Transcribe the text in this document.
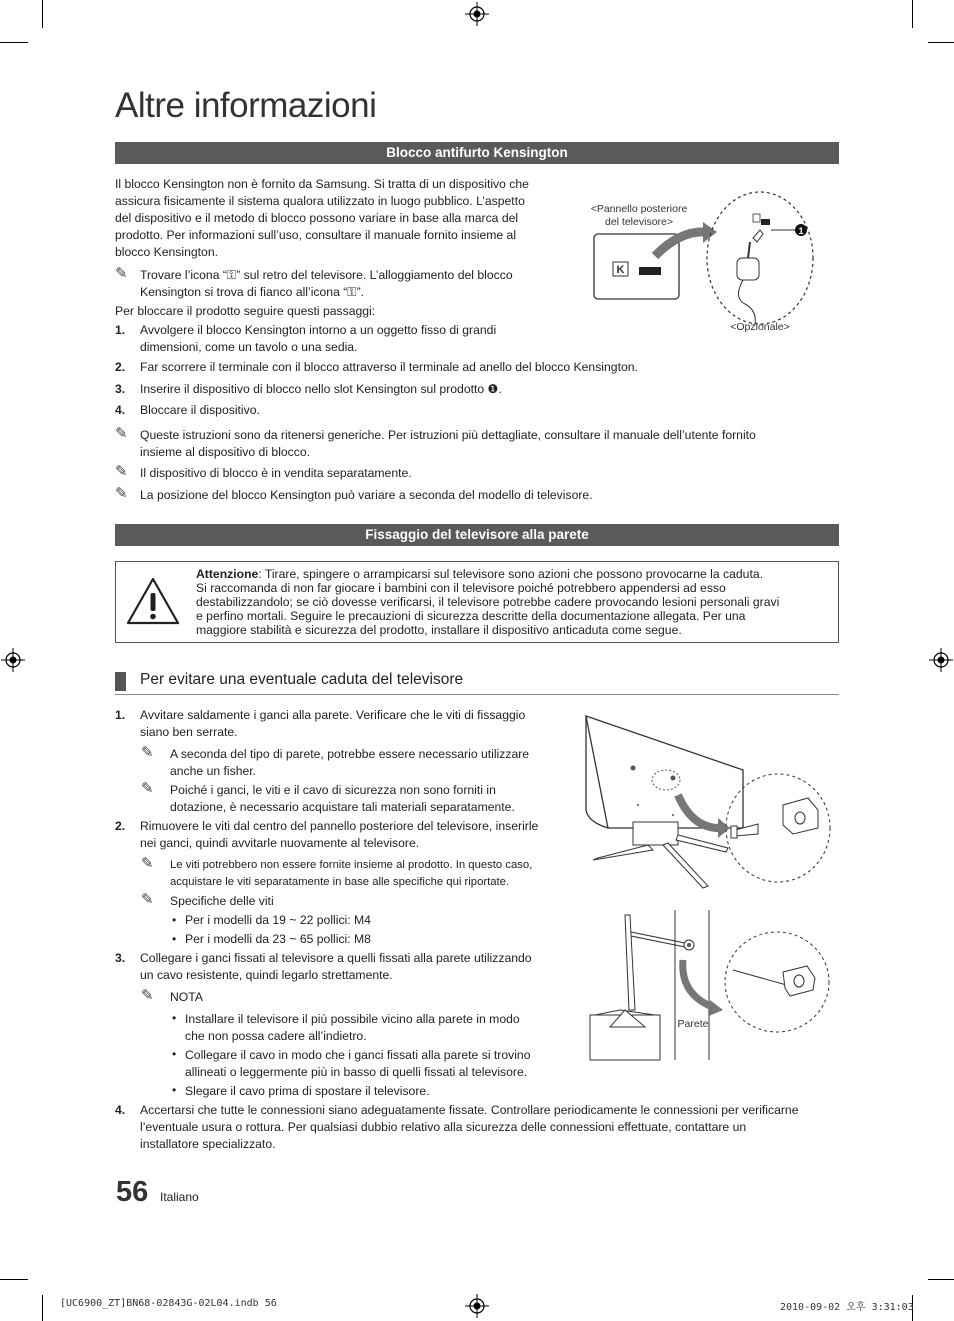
Altre informazioni
Blocco antifurto Kensington
Il blocco Kensington non è fornito da Samsung. Si tratta di un dispositivo che
assicura fisicamente il sistema qualora utilizzato in luogo pubblico. L’aspetto
del dispositivo e il metodo di blocco possono variare in base alla marca del
prodotto. Per informazioni sull’uso, consultare il manuale fornito insieme al
blocco Kensington.
✎ Trovare l’icona “⚿” sul retro del televisore. L’alloggiamento del blocco
Kensington si trova di fianco all’icona “⚿”.
Per bloccare il prodotto seguire questi passaggi:
1. Avvolgere il blocco Kensington intorno a un oggetto fisso di grandi
dimensioni, come un tavolo o una sedia.
2. Far scorrere il terminale con il blocco attraverso il terminale ad anello del blocco Kensington.
3. Inserire il dispositivo di blocco nello slot Kensington sul prodotto ❶.
4. Bloccare il dispositivo.
✎ Queste istruzioni sono da ritenersi generiche. Per istruzioni più dettagliate, consultare il manuale dell’utente fornito
insieme al dispositivo di blocco.
✎ Il dispositivo di blocco è in vendita separatamente.
✎ La posizione del blocco Kensington può variare a seconda del modello di televisore.
<Pannello posteriore
del televisore>
K
1
<Opzionale>
Fissaggio del televisore alla parete
Attenzione: Tirare, spingere o arrampicarsi sul televisore sono azioni che possono provocarne la caduta.
Si raccomanda di non far giocare i bambini con il televisore poiché potrebbero appendersi ad esso
destabilizzandolo; se ciò dovesse verificarsi, il televisore potrebbe cadere provocando lesioni personali gravi
e perfino mortali. Seguire le precauzioni di sicurezza descritte della documentazione allegata. Per una
maggiore stabilità e sicurezza del prodotto, installare il dispositivo anticaduta come segue.
Per evitare una eventuale caduta del televisore
1. Avvitare saldamente i ganci alla parete. Verificare che le viti di fissaggio
siano ben serrate.
✎ A seconda del tipo di parete, potrebbe essere necessario utilizzare
anche un fisher.
✎ Poiché i ganci, le viti e il cavo di sicurezza non sono forniti in
dotazione, è necessario acquistare tali materiali separatamente.
2. Rimuovere le viti dal centro del pannello posteriore del televisore, inserirle
nei ganci, quindi avvitarle nuovamente al televisore.
✎ Le viti potrebbero non essere fornite insieme al prodotto. In questo caso,
acquistare le viti separatamente in base alle specifiche qui riportate.
✎ Specifiche delle viti
• Per i modelli da 19 ~ 22 pollici: M4
• Per i modelli da 23 ~ 65 pollici: M8
3. Collegare i ganci fissati al televisore a quelli fissati alla parete utilizzando
un cavo resistente, quindi legarlo strettamente.
✎ NOTA
• Installare il televisore il più possibile vicino alla parete in modo
che non possa cadere all’indietro.
• Collegare il cavo in modo che i ganci fissati alla parete si trovino
allineati o leggermente più in basso di quelli fissati al televisore.
• Slegare il cavo prima di spostare il televisore.
4. Accertarsi che tutte le connessioni siano adeguatamente fissate. Controllare periodicamente le connessioni per verificarne
l’eventuale usura o rottura. Per qualsiasi dubbio relativo alla sicurezza delle connessioni effettuate, contattare un
installatore specializzato.
Parete
56 Italiano
[UC6900_ZT]BN68-02843G-02L04.indb 56	2010-09-02 오후 3:31:03
